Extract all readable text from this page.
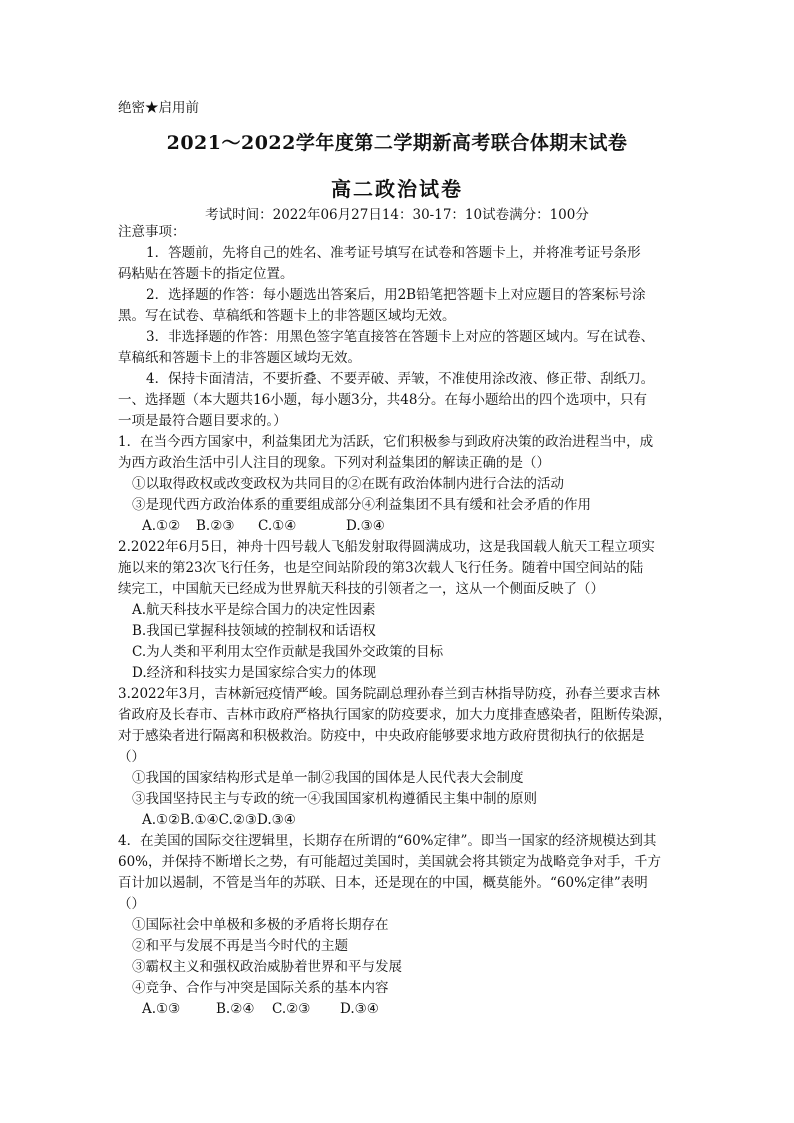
绝密★启用前
2021～2022学年度第二学期新高考联合体期末试卷
高二政治试卷
考试时间：2022年06月27日14：30-17：10试卷满分：100分
注意事项：
1．答题前，先将自己的姓名、准考证号填写在试卷和答题卡上，并将准考证号条形
码粘贴在答题卡的指定位置。
2．选择题的作答：每小题选出答案后，用2B铅笔把答题卡上对应题目的答案标号涂
黑。写在试卷、草稿纸和答题卡上的非答题区域均无效。
3．非选择题的作答：用黑色签字笔直接答在答题卡上对应的答题区域内。写在试卷、
草稿纸和答题卡上的非答题区域均无效。
4．保持卡面清洁，不要折叠、不要弄破、弄皱，不准使用涂改液、修正带、刮纸刀。
一、选择题（本大题共16小题，每小题3分，共48分。在每小题给出的四个选项中，只有
一项是最符合题目要求的。）
1．在当今西方国家中，利益集团尤为活跃，它们积极参与到政府决策的政治进程当中，成
为西方政治生活中引人注目的现象。下列对利益集团的解读正确的是（）
①以取得政权或改变政权为共同目的②在既有政治体制内进行合法的活动
③是现代西方政治体系的重要组成部分④利益集团不具有缓和社会矛盾的作用
A.①② B.②③ C.①④	D.③④
2.2022年6月5日，神舟十四号载人飞船发射取得圆满成功，这是我国载人航天工程立项实
施以来的第23次飞行任务，也是空间站阶段的第3次载人飞行任务。随着中国空间站的陆
续完工，中国航天已经成为世界航天科技的引领者之一，这从一个侧面反映了（）
A.航天科技水平是综合国力的决定性因素
B.我国已掌握科技领域的控制权和话语权
C.为人类和平利用太空作贡献是我国外交政策的目标
D.经济和科技实力是国家综合实力的体现
3.2022年3月，吉林新冠疫情严峻。国务院副总理孙春兰到吉林指导防疫，孙春兰要求吉林
省政府及长春市、吉林市政府严格执行国家的防疫要求，加大力度排查感染者，阻断传染源，
对于感染者进行隔离和积极救治。防疫中，中央政府能够要求地方政府贯彻执行的依据是
（）
①我国的国家结构形式是单一制②我国的国体是人民代表大会制度
③我国坚持民主与专政的统一④我国国家机构遵循民主集中制的原则
A.①②B.①④C.②③D.③④
4．在美国的国际交往逻辑里，长期存在所谓的“60%定律”。即当一国家的经济规模达到其
60%，并保持不断增长之势，有可能超过美国时，美国就会将其锁定为战略竞争对手，千方
百计加以遏制，不管是当年的苏联、日本，还是现在的中国，概莫能外。“60%定律”表明
（）
①国际社会中单极和多极的矛盾将长期存在
②和平与发展不再是当今时代的主题
③霸权主义和强权政治威胁着世界和平与发展
④竞争、合作与冲突是国际关系的基本内容
A.①③	B.②④ C.②③ D.③④
